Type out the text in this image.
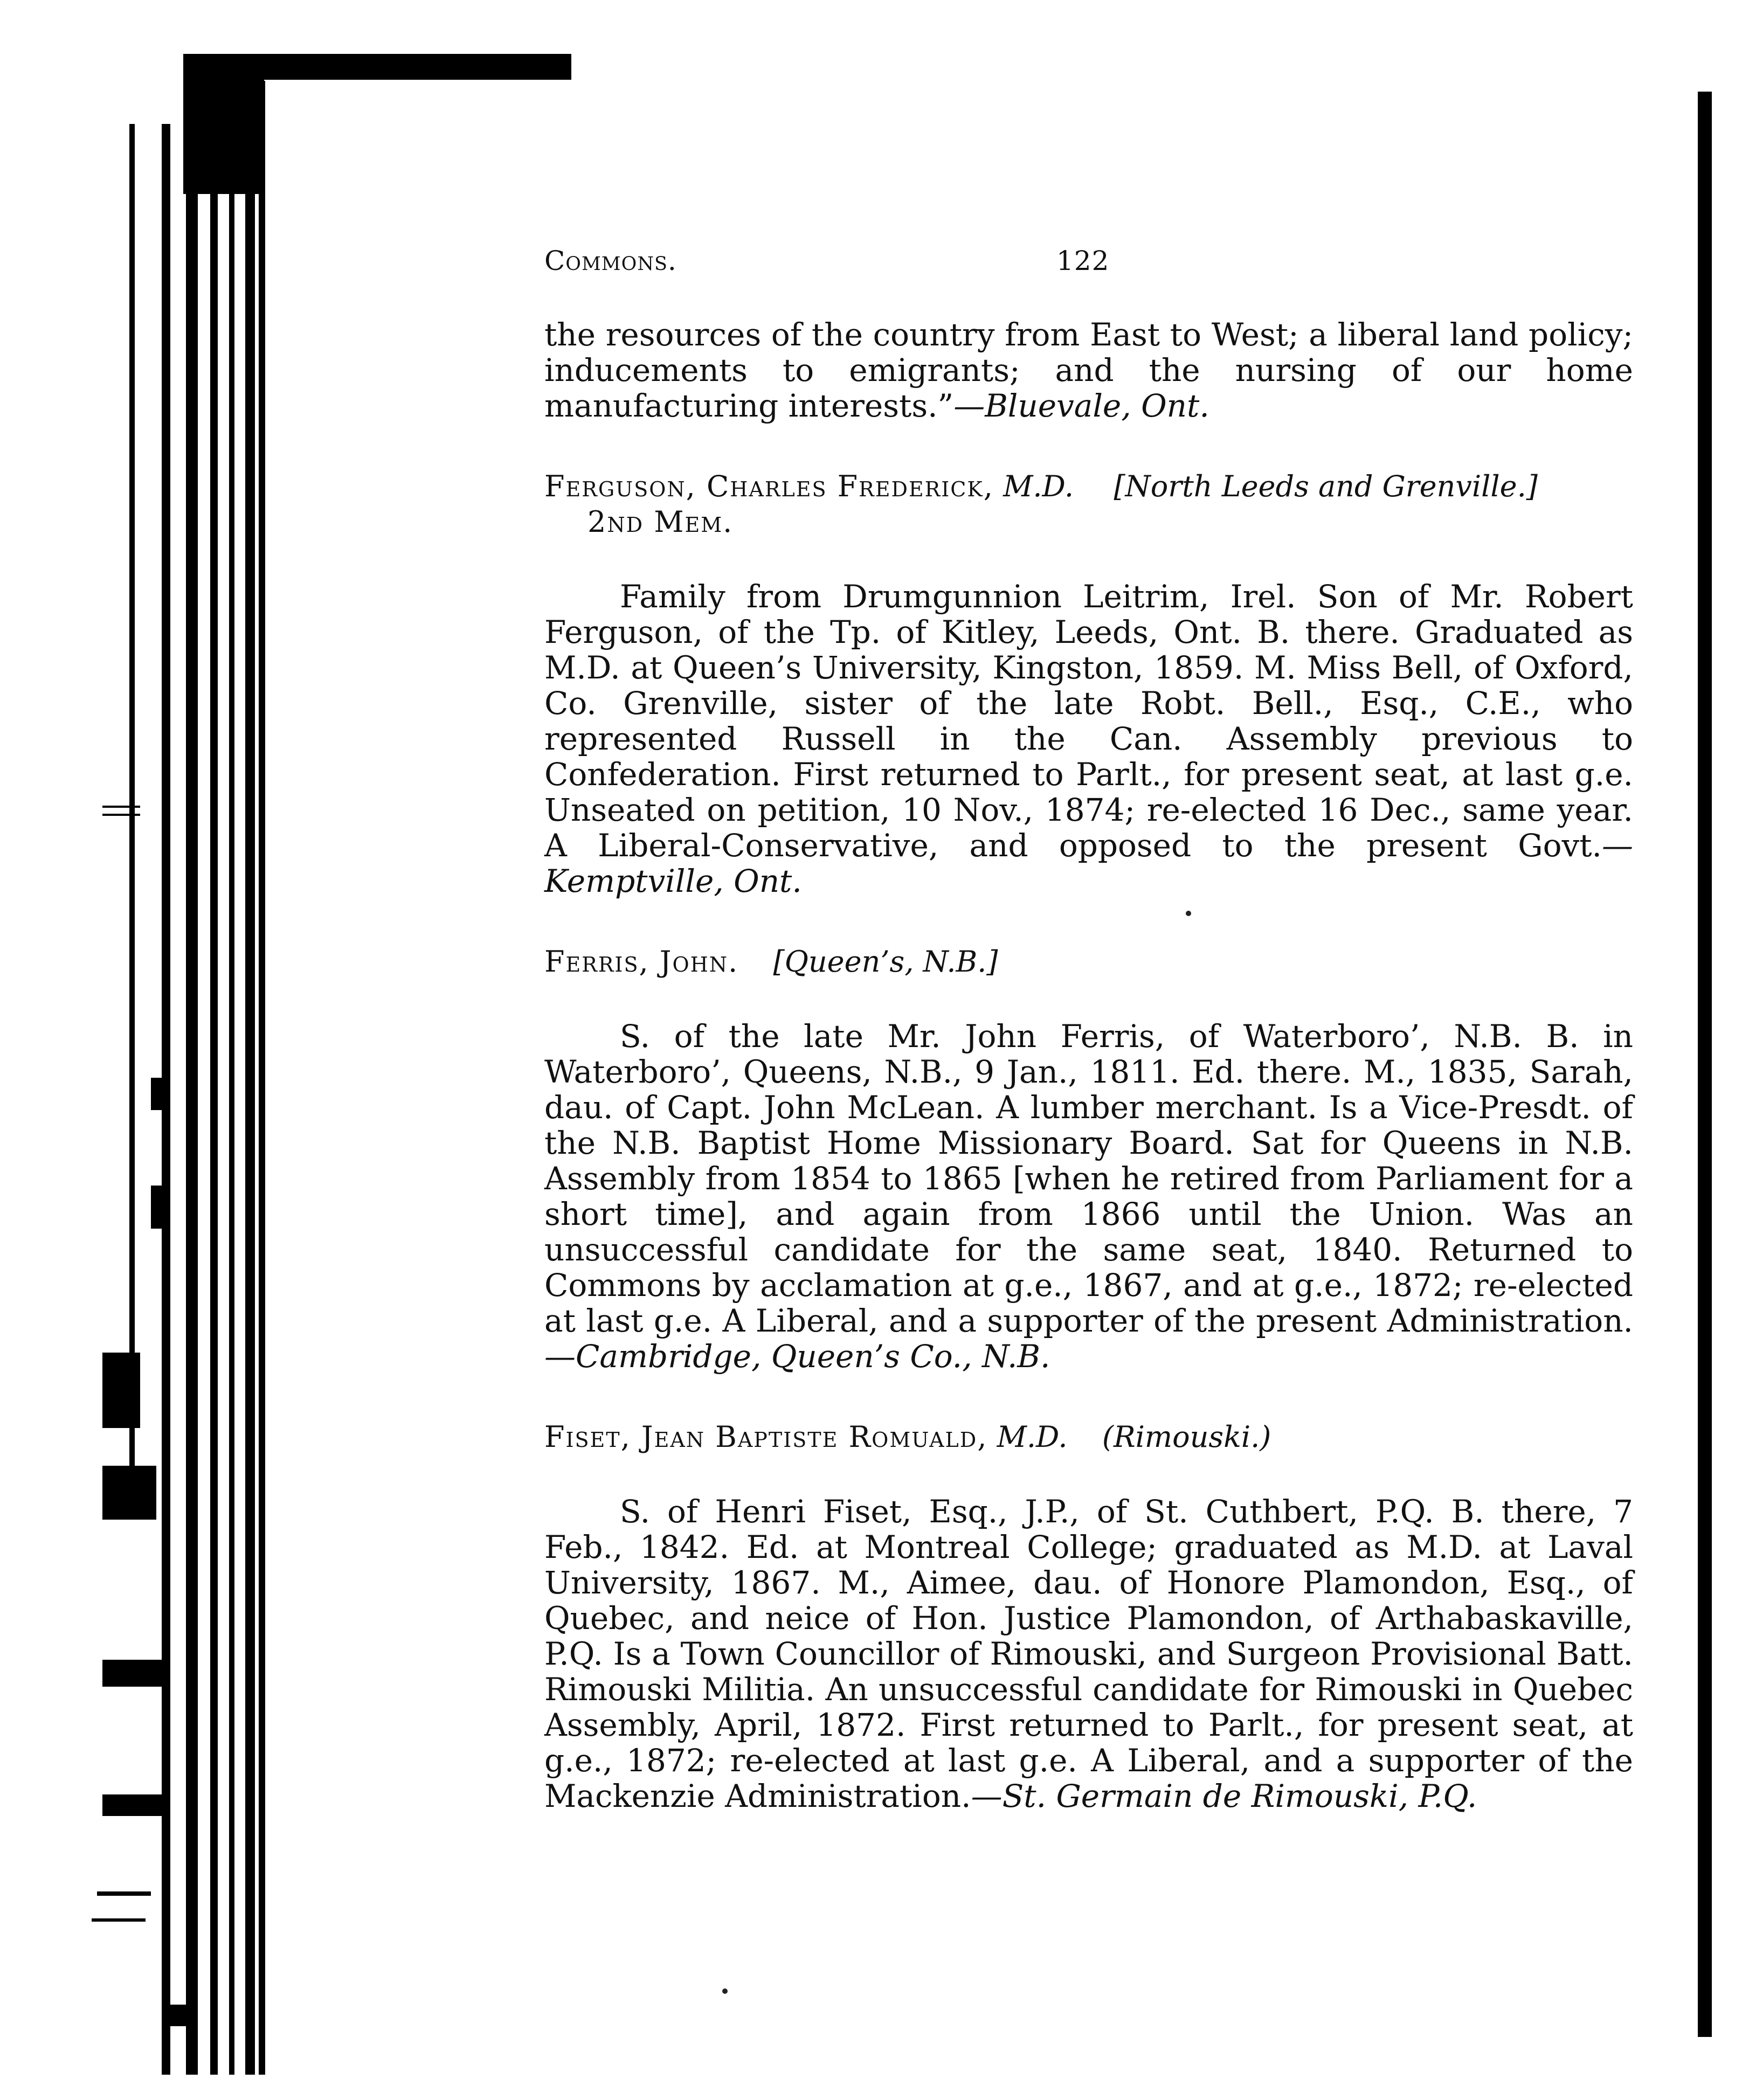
Commons.	122

the resources of the country from East to West; a liberal land policy; inducements to emigrants; and the nursing of our home manufacturing interests.”—Bluevale, Ont.

Ferguson, Charles Frederick, M.D. [North Leeds and Grenville.]
2nd Mem.

Family from Drumgunnion Leitrim, Irel. Son of Mr. Robert Ferguson, of the Tp. of Kitley, Leeds, Ont. B. there. Graduated as M.D. at Queen’s University, Kingston, 1859. M. Miss Bell, of Oxford, Co. Grenville, sister of the late Robt. Bell., Esq., C.E., who represented Russell in the Can. Assembly previous to Confederation. First returned to Parlt., for present seat, at last g.e. Unseated on petition, 10 Nov., 1874; re-elected 16 Dec., same year. A Liberal-Conservative, and opposed to the present Govt.—Kemptville, Ont.

Ferris, John. [Queen’s, N.B.]

S. of the late Mr. John Ferris, of Waterboro’, N.B. B. in Waterboro’, Queens, N.B., 9 Jan., 1811. Ed. there. M., 1835, Sarah, dau. of Capt. John McLean. A lumber merchant. Is a Vice-Presdt. of the N.B. Baptist Home Missionary Board. Sat for Queens in N.B. Assembly from 1854 to 1865 [when he retired from Parliament for a short time], and again from 1866 until the Union. Was an unsuccessful candidate for the same seat, 1840. Returned to Commons by acclamation at g.e., 1867, and at g.e., 1872; re-elected at last g.e. A Liberal, and a supporter of the present Administration.—Cambridge, Queen’s Co., N.B.

Fiset, Jean Baptiste Romuald, M.D. (Rimouski.)

S. of Henri Fiset, Esq., J.P., of St. Cuthbert, P.Q. B. there, 7 Feb., 1842. Ed. at Montreal College; graduated as M.D. at Laval University, 1867. M., Aimee, dau. of Honore Plamondon, Esq., of Quebec, and neice of Hon. Justice Plamondon, of Arthabaskaville, P.Q. Is a Town Councillor of Rimouski, and Surgeon Provisional Batt. Rimouski Militia. An unsuccessful candidate for Rimouski in Quebec Assembly, April, 1872. First returned to Parlt., for present seat, at g.e., 1872; re-elected at last g.e. A Liberal, and a supporter of the Mackenzie Administration.—St. Germain de Rimouski, P.Q.
